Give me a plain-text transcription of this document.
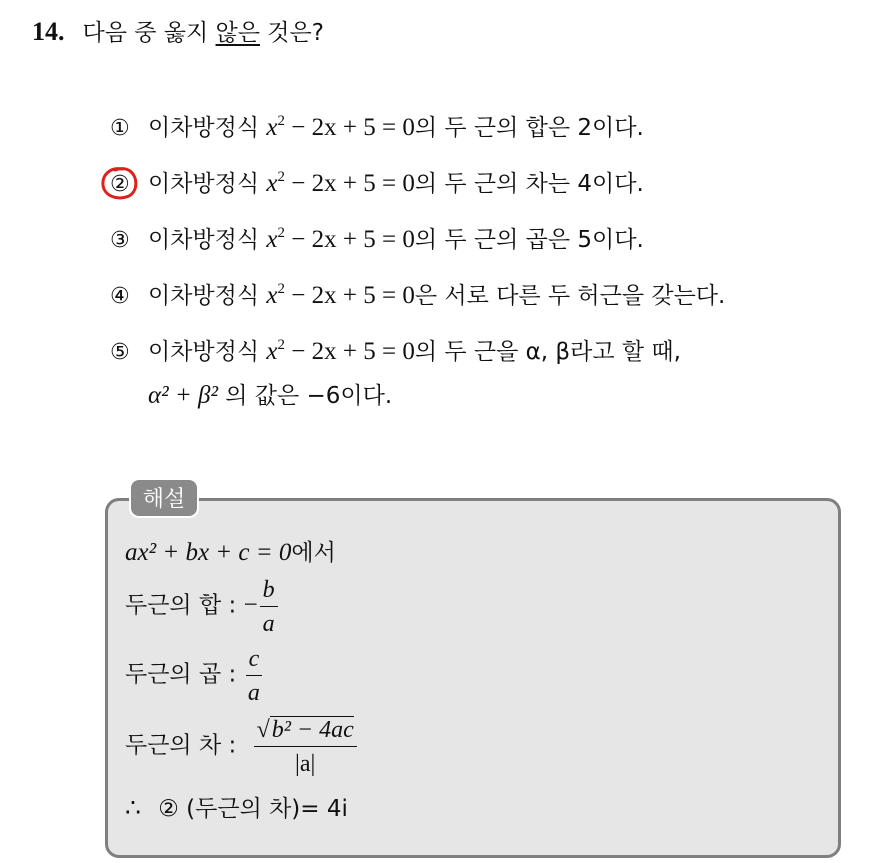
14. 다음 중 옳지 않은 것은?
① 이차방정식 $x^2 - 2x + 5 = 0$의 두 근의 합은 2이다.
② 이차방정식 $x^2 - 2x + 5 = 0$의 두 근의 차는 4이다.
③ 이차방정식 $x^2 - 2x + 5 = 0$의 두 근의 곱은 5이다.
④ 이차방정식 $x^2 - 2x + 5 = 0$은 서로 다른 두 허근을 갖는다.
⑤ 이차방정식 $x^2 - 2x + 5 = 0$의 두 근을 α, β라고 할 때,
α² + β² 의 값은 −6이다.
해설
ax² + bx + c = 0에서
두근의 합 : − $\frac{b}{a}$
두근의 곱 : $\frac{c}{a}$
두근의 차 : $\frac{\text{√b² − 4ac}}{|a|}$
∴ ② (두근의 차)= 4i
